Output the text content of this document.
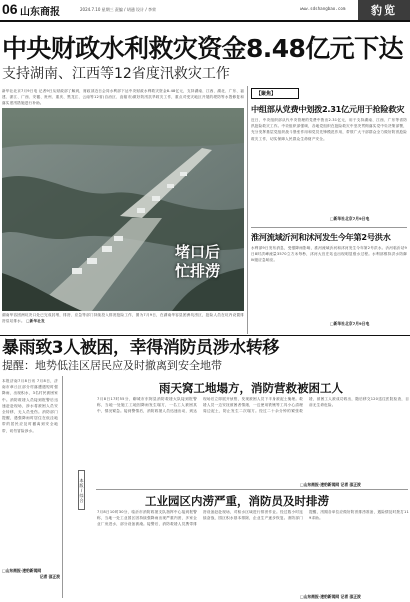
06 山东商报	2024.7.10 星期三 责编 / 胡通 设计 / 李荣	www.sdshangbao.com	豹览
中央财政水利救灾资金8.48亿元下达
支持湖南、江西等12省度汛救灾工作
新华社北京7月9日电 记者9日从财政部了解到，财政部近日会同水利部下达中央财政水利救灾资金8.48亿元，支持湖南、江西、湖北、广东、福建、浙江、广西、安徽、贵州、重庆、黑龙江、云南等12省(自治区、直辖市)做好防汛抗旱救灾工作，重点对受灾地区开展的堤防等水毁修复和落实度汛措施进行补助。
堵口后
忙排涝
湖南华容团洲垸决口处已完成封堵，排涝、应急等部门持续投入排涝抢险工作，图为7月9日，在湖南华容县团洲垸涝区，抢险人员在垸内设置排涝泵站排水。 □新华社发
【聚焦】
中组部从党费中划拨2.31亿元用于抢险救灾
近日，中央组织部从代中央管理的党费中拨出2.31亿元，用于支持湖南、江西、广东等省防汛抢险救灾工作。中央组织部强调，各地党组织在抢险救灾中坚决贯彻落实党中央决策部署，充分发挥基层党组织战斗堡垒作用和党员先锋模范作用，带领广大干部群众全力做好防汛抢险救灾工作，切实保障人民群众生命财产安全。
□新华社北京7月9日电
淮河流域沂河和沭河发生今年第2号洪水
水利部9日发布消息，受强降雨影响，淮河流域沂河和沭河发生今年第2号洪水。沂河临沂站9日8时洪峰流量3570立方米每秒，沭河大官庄站也出现明显涨水过程。水利部维持洪水防御Ⅳ级应急响应。
□新华社北京7月9日电
暴雨致3人被困，幸得消防员涉水转移
提醒：地势低洼区居民应及时撤离到安全地带
本报济南7月8日讯 7月8日，济南市章丘区部分村落遭遇短时强降雨，出现积水，3名村民被困家中。消防救援人员接到报警后迅速赶赴现场，涉水将被困人员安全转移，无人员受伤。消防部门提醒，遇强降雨时居住在低洼地带的居民应及时撤离到安全地带，切勿冒险涉水。
□山东商报·速豹新闻网
记者 邵正波
本版 / 综合
雨天窝工地塌方，消防营救被困工人
7月8日17时55分，聊城市东阿县消防救援大队接到报警称，当地一处施工工地因降雨发生塌方，一名工人被困其中，情况紧急。接到警情后，消防救援人员迅速出动，到达现场后立即展开侦察，发现被困人员下半身被泥土掩埋。救援人员一边安抚被困者情绪，一边使用铁锹等工具小心清理周边泥土，防止发生二次塌方。经过二十余分钟的紧张救援，被困工人被成功救出，随后移交120送往医院检查，目前无生命危险。
□山东商报·速豹新闻网 记者 邵正波
工业园区内涝严重，消防员及时排涝
7月8日10时30分，临沂市消防救援支队指挥中心接到报警称，当地一处工业园区因持续强降雨出现严重内涝，多家企业厂房进水，部分设备被淹。接警后，消防救援人员携带排涝设备赶赴现场，对积水区域进行排涝作业。经过数小时连续奋战，园区积水基本排除，企业生产逐步恢复。消防部门提醒，汛期各单位应做好防汛排涝准备，遇险情及时拨打119求助。
□山东商报·速豹新闻网 记者 邵正波
